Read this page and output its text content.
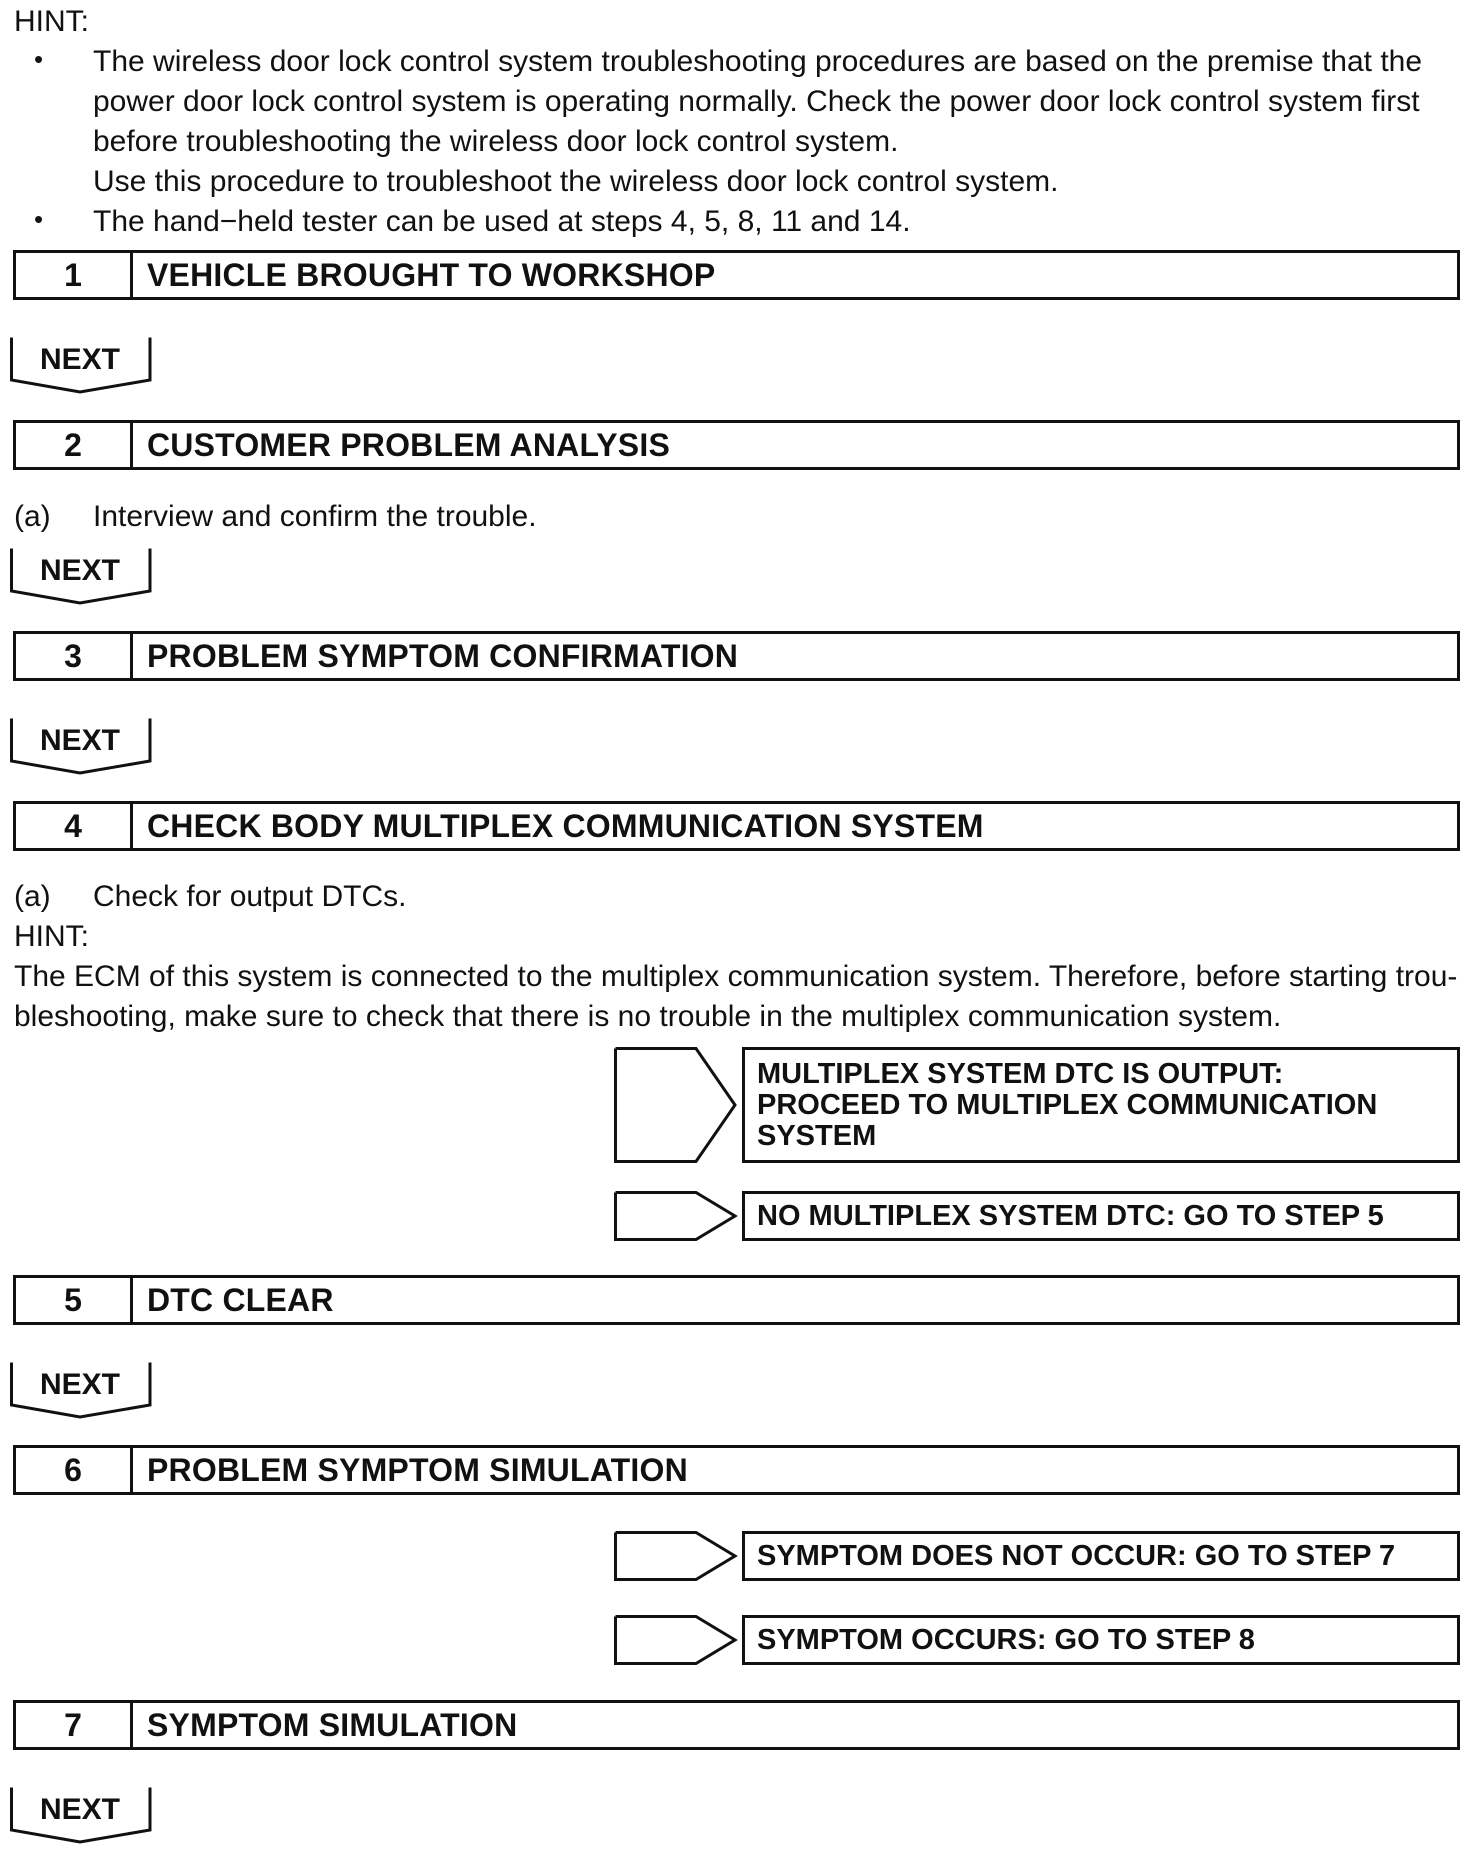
HINT:
• The wireless door lock control system troubleshooting procedures are based on the premise that the
power door lock control system is operating normally. Check the power door lock control system first
before troubleshooting the wireless door lock control system.
Use this procedure to troubleshoot the wireless door lock control system.
• The hand−held tester can be used at steps 4, 5, 8, 11 and 14.
1	VEHICLE BROUGHT TO WORKSHOP
NEXT
2	CUSTOMER PROBLEM ANALYSIS
(a) Interview and confirm the trouble.
NEXT
3	PROBLEM SYMPTOM CONFIRMATION
NEXT
4	CHECK BODY MULTIPLEX COMMUNICATION SYSTEM
(a) Check for output DTCs.
HINT:
The ECM of this system is connected to the multiplex communication system. Therefore, before starting trou-
bleshooting, make sure to check that there is no trouble in the multiplex communication system.
MULTIPLEX SYSTEM DTC IS OUTPUT:
PROCEED TO MULTIPLEX COMMUNICATION
SYSTEM
NO MULTIPLEX SYSTEM DTC: GO TO STEP 5
5	DTC CLEAR
NEXT
6	PROBLEM SYMPTOM SIMULATION
SYMPTOM DOES NOT OCCUR: GO TO STEP 7
SYMPTOM OCCURS: GO TO STEP 8
7	SYMPTOM SIMULATION
NEXT
